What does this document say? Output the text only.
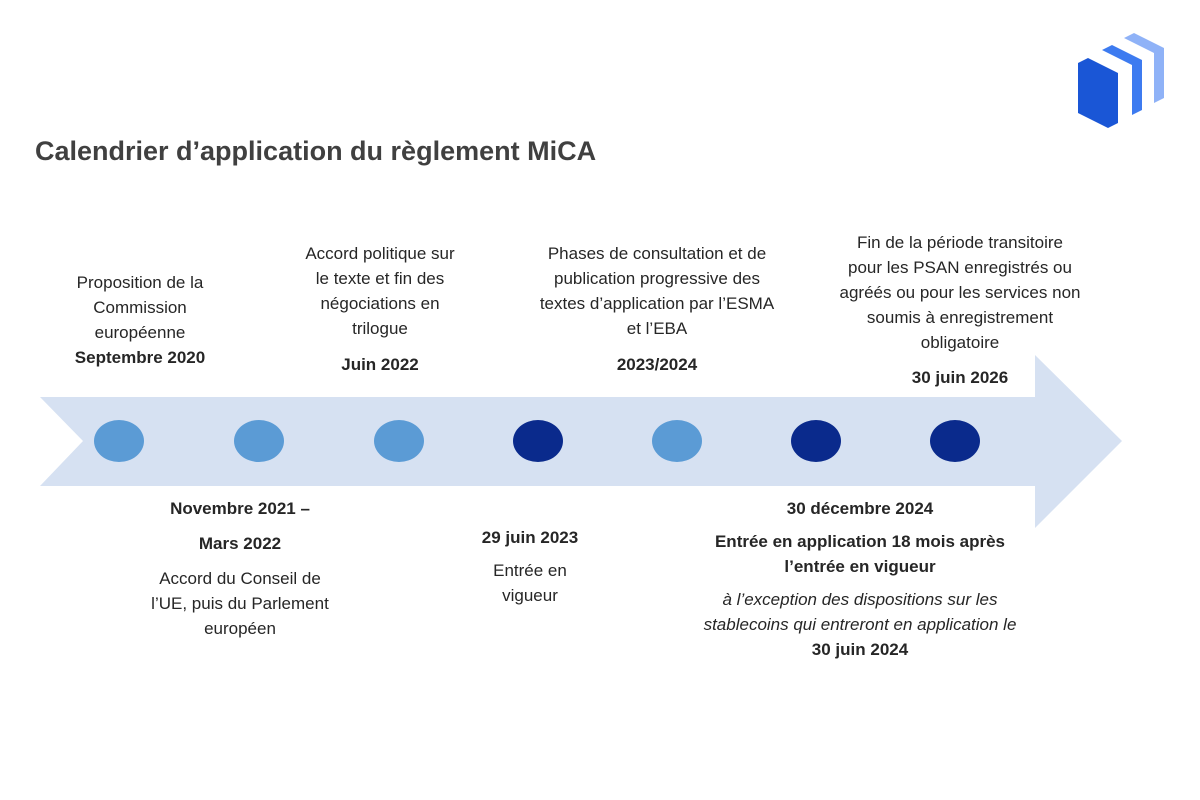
Calendrier d’application du règlement MiCA
Proposition de la
Commission
européenne
Septembre 2020
Accord politique sur
le texte et fin des
négociations en
trilogue
Juin 2022
Phases de consultation et de
publication progressive des
textes d’application par l’ESMA
et l’EBA
2023/2024
Fin de la période transitoire
pour les PSAN enregistrés ou
agréés ou pour les services non
soumis à enregistrement
obligatoire
30 juin 2026
Novembre 2021 –
Mars 2022
Accord du Conseil de
l’UE, puis du Parlement
européen
29 juin 2023
Entrée en
vigueur
30 décembre 2024
Entrée en application 18 mois après
l’entrée en vigueur
à l’exception des dispositions sur les
stablecoins qui entreront en application le
30 juin 2024
